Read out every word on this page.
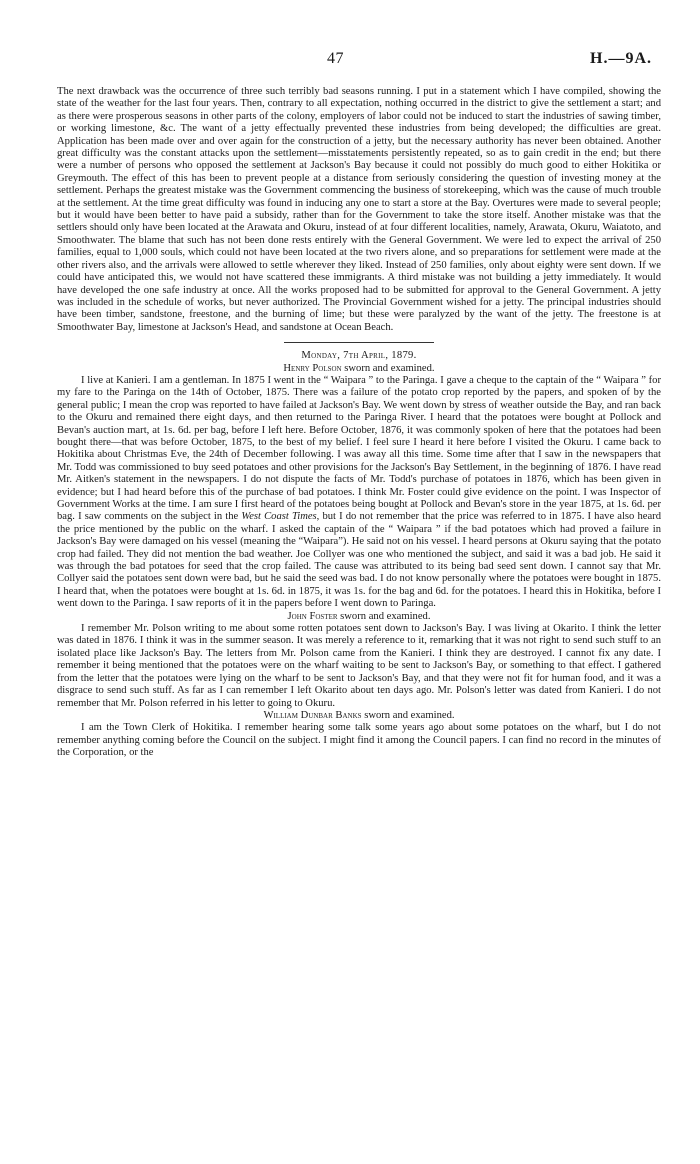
47	H.—9A.

The next drawback was the occurrence of three such terribly bad seasons running. I put in a statement which I have compiled, showing the state of the weather for the last four years. Then, contrary to all expectation, nothing occurred in the district to give the settlement a start; and as there were prosperous seasons in other parts of the colony, employers of labor could not be induced to start the industries of sawing timber, or working limestone, &c. The want of a jetty effectually prevented these industries from being developed; the difficulties are great. Application has been made over and over again for the construction of a jetty, but the necessary authority has never been obtained. Another great difficulty was the constant attacks upon the settlement—misstatements persistently repeated, so as to gain credit in the end; but there were a number of persons who opposed the settlement at Jackson's Bay because it could not possibly do much good to either Hokitika or Greymouth. The effect of this has been to prevent people at a distance from seriously considering the question of investing money at the settlement. Perhaps the greatest mistake was the Government commencing the business of storekeeping, which was the cause of much trouble at the settlement. At the time great difficulty was found in inducing any one to start a store at the Bay. Overtures were made to several people; but it would have been better to have paid a subsidy, rather than for the Government to take the store itself. Another mistake was that the settlers should only have been located at the Arawata and Okuru, instead of at four different localities, namely, Arawata, Okuru, Waiatoto, and Smoothwater. The blame that such has not been done rests entirely with the General Government. We were led to expect the arrival of 250 families, equal to 1,000 souls, which could not have been located at the two rivers alone, and so preparations for settlement were made at the other rivers also, and the arrivals were allowed to settle wherever they liked. Instead of 250 families, only about eighty were sent down. If we could have anticipated this, we would not have scattered these immigrants. A third mistake was not building a jetty immediately. It would have developed the one safe industry at once. All the works proposed had to be submitted for approval to the General Government. A jetty was included in the schedule of works, but never authorized. The Provincial Government wished for a jetty. The principal industries should have been timber, sandstone, freestone, and the burning of lime; but these were paralyzed by the want of the jetty. The freestone is at Smoothwater Bay, limestone at Jackson's Head, and sandstone at Ocean Beach.

Monday, 7th April, 1879.

Henry Polson sworn and examined.

I live at Kanieri. I am a gentleman. In 1875 I went in the “ Waipara ” to the Paringa. I gave a cheque to the captain of the “ Waipara ” for my fare to the Paringa on the 14th of October, 1875. There was a failure of the potato crop reported by the papers, and spoken of by the general public; I mean the crop was reported to have failed at Jackson's Bay. We went down by stress of weather outside the Bay, and ran back to the Okuru and remained there eight days, and then returned to the Paringa River. I heard that the potatoes were bought at Pollock and Bevan's auction mart, at 1s. 6d. per bag, before I left here. Before October, 1876, it was commonly spoken of here that the potatoes had been bought there—that was before October, 1875, to the best of my belief. I feel sure I heard it here before I visited the Okuru. I came back to Hokitika about Christmas Eve, the 24th of December following. I was away all this time. Some time after that I saw in the newspapers that Mr. Todd was commissioned to buy seed potatoes and other provisions for the Jackson's Bay Settlement, in the beginning of 1876. I have read Mr. Aitken's statement in the newspapers. I do not dispute the facts of Mr. Todd's purchase of potatoes in 1876, which has been given in evidence; but I had heard before this of the purchase of bad potatoes. I think Mr. Foster could give evidence on the point. I was Inspector of Government Works at the time. I am sure I first heard of the potatoes being bought at Pollock and Bevan's store in the year 1875, at 1s. 6d. per bag. I saw comments on the subject in the West Coast Times, but I do not remember that the price was referred to in 1875. I have also heard the price mentioned by the public on the wharf. I asked the captain of the “ Waipara ” if the bad potatoes which had proved a failure in Jackson's Bay were damaged on his vessel (meaning the “Waipara”). He said not on his vessel. I heard persons at Okuru saying that the potato crop had failed. They did not mention the bad weather. Joe Collyer was one who mentioned the subject, and said it was a bad job. He said it was through the bad potatoes for seed that the crop failed. The cause was attributed to its being bad seed sent down. I cannot say that Mr. Collyer said the potatoes sent down were bad, but he said the seed was bad. I do not know personally where the potatoes were bought in 1875. I heard that, when the potatoes were bought at 1s. 6d. in 1875, it was 1s. for the bag and 6d. for the potatoes. I heard this in Hokitika, before I went down to the Paringa. I saw reports of it in the papers before I went down to Paringa.

John Foster sworn and examined.

I remember Mr. Polson writing to me about some rotten potatoes sent down to Jackson's Bay. I was living at Okarito. I think the letter was dated in 1876. I think it was in the summer season. It was merely a reference to it, remarking that it was not right to send such stuff to an isolated place like Jackson's Bay. The letters from Mr. Polson came from the Kanieri. I think they are destroyed. I cannot fix any date. I remember it being mentioned that the potatoes were on the wharf waiting to be sent to Jackson's Bay, or something to that effect. I gathered from the letter that the potatoes were lying on the wharf to be sent to Jackson's Bay, and that they were not fit for human food, and it was a disgrace to send such stuff. As far as I can remember I left Okarito about ten days ago. Mr. Polson's letter was dated from Kanieri. I do not remember that Mr. Polson referred in his letter to going to Okuru.

William Dunbar Banks sworn and examined.

I am the Town Clerk of Hokitika. I remember hearing some talk some years ago about some potatoes on the wharf, but I do not remember anything coming before the Council on the subject. I might find it among the Council papers. I can find no record in the minutes of the Corporation, or the
